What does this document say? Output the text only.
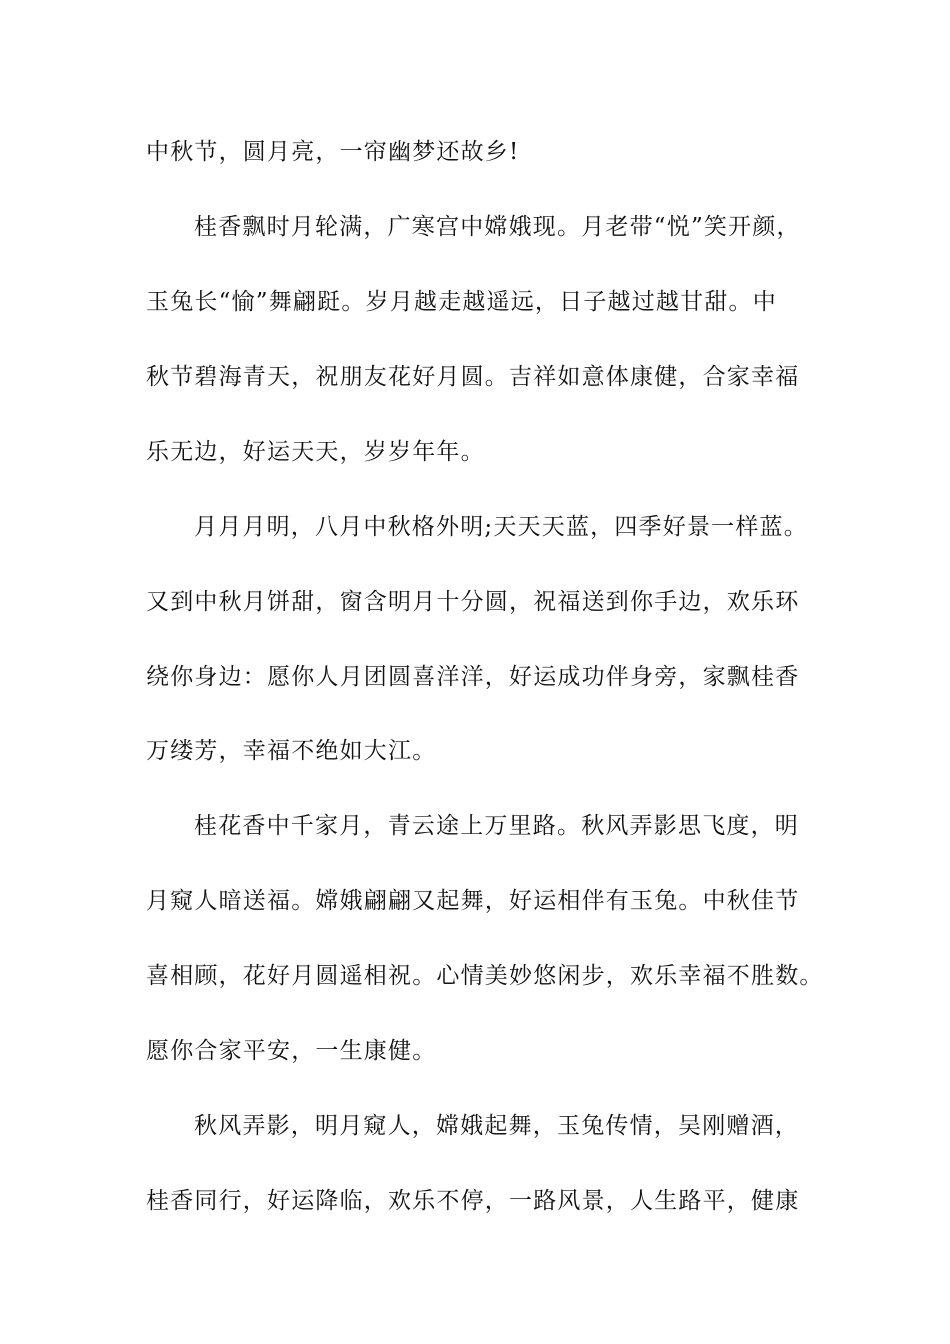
中秋节，圆月亮，一帘幽梦还故乡!
桂香飘时月轮满，广寒宫中嫦娥现。月老带“悦”笑开颜，
玉兔长“愉”舞翩跹。岁月越走越遥远，日子越过越甘甜。中
秋节碧海青天，祝朋友花好月圆。吉祥如意体康健，合家幸福
乐无边，好运天天，岁岁年年。
月月月明，八月中秋格外明;天天天蓝，四季好景一样蓝。
又到中秋月饼甜，窗含明月十分圆，祝福送到你手边，欢乐环
绕你身边：愿你人月团圆喜洋洋，好运成功伴身旁，家飘桂香
万缕芳，幸福不绝如大江。
桂花香中千家月，青云途上万里路。秋风弄影思飞度，明
月窥人暗送福。嫦娥翩翩又起舞，好运相伴有玉兔。中秋佳节
喜相顾，花好月圆遥相祝。心情美妙悠闲步，欢乐幸福不胜数。
愿你合家平安，一生康健。
秋风弄影，明月窥人，嫦娥起舞，玉兔传情，吴刚赠酒，
桂香同行，好运降临，欢乐不停，一路风景，人生路平，健康
